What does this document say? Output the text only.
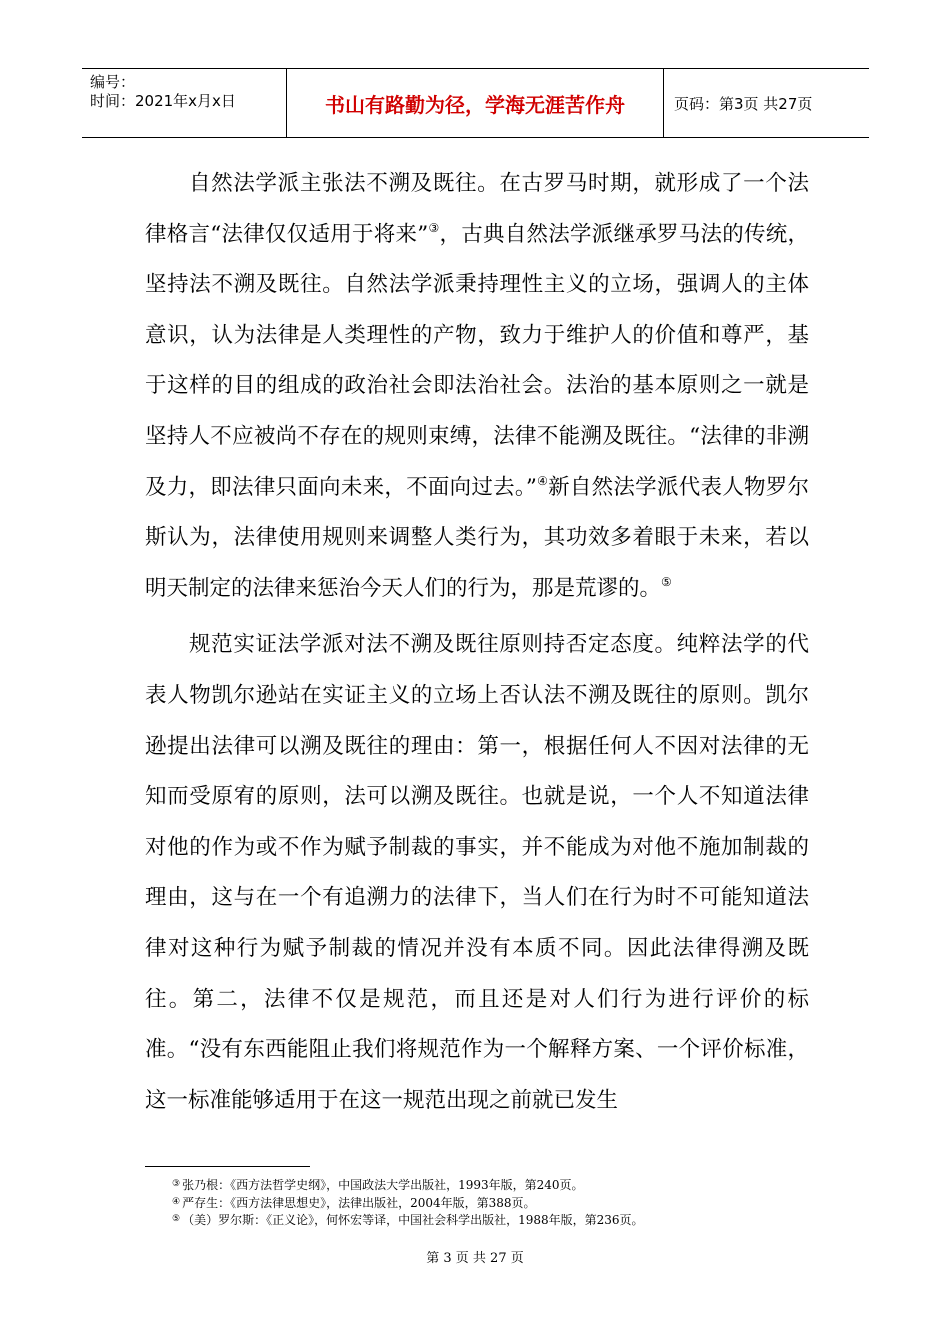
编号：
时间：2021年x月x日	书山有路勤为径，学海无涯苦作舟	页码：第3页 共27页

自然法学派主张法不溯及既往。在古罗马时期，就形成了一个法律格言“法律仅仅适用于将来”③，古典自然法学派继承罗马法的传统，坚持法不溯及既往。自然法学派秉持理性主义的立场，强调人的主体意识，认为法律是人类理性的产物，致力于维护人的价值和尊严，基于这样的目的组成的政治社会即法治社会。法治的基本原则之一就是坚持人不应被尚不存在的规则束缚，法律不能溯及既往。“法律的非溯及力，即法律只面向未来，不面向过去。”④新自然法学派代表人物罗尔斯认为，法律使用规则来调整人类行为，其功效多着眼于未来，若以明天制定的法律来惩治今天人们的行为，那是荒谬的。⑤

规范实证法学派对法不溯及既往原则持否定态度。纯粹法学的代表人物凯尔逊站在实证主义的立场上否认法不溯及既往的原则。凯尔逊提出法律可以溯及既往的理由：第一，根据任何人不因对法律的无知而受原宥的原则，法可以溯及既往。也就是说，一个人不知道法律对他的作为或不作为赋予制裁的事实，并不能成为对他不施加制裁的理由，这与在一个有追溯力的法律下，当人们在行为时不可能知道法律对这种行为赋予制裁的情况并没有本质不同。因此法律得溯及既往。第二，法律不仅是规范，而且还是对人们行为进行评价的标准。“没有东西能阻止我们将规范作为一个解释方案、一个评价标准，这一标准能够适用于在这一规范出现之前就已发生

③ 张乃根：《西方法哲学史纲》，中国政法大学出版社，1993年版，第240页。
④ 严存生：《西方法律思想史》，法律出版社，2004年版，第388页。
⑤ （美）罗尔斯：《正义论》，何怀宏等译，中国社会科学出版社，1988年版，第236页。
第 3 页 共 27 页
